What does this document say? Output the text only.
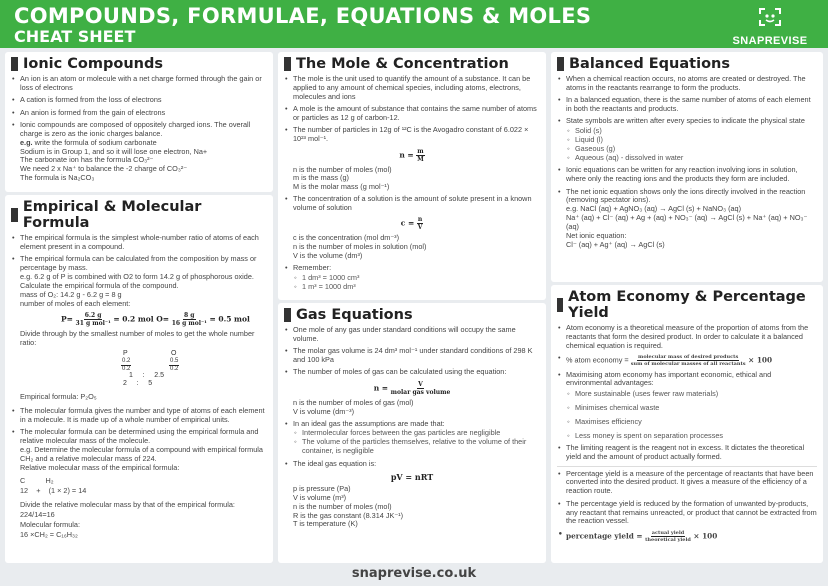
COMPOUNDS, FORMULAE, EQUATIONS & MOLES
CHEAT SHEET	SNAPREVISE
Ionic Compounds
• An ion is an atom or molecule with a net charge formed through the gain or loss of electrons
• A cation is formed from the loss of electrons
• An anion is formed from the gain of electrons
• Ionic compounds are composed of oppositely charged ions. The overall charge is zero as the ionic charges balance.
e.g. write the formula of sodium carbonate
Sodium is in Group 1, and so it will lose one electron, Na+
The carbonate ion has the formula CO₃²⁻
We need 2 x Na⁺ to balance the -2 charge of CO₃²⁻
The formula is Na₂CO₃
Empirical & Molecular Formula
• The empirical formula is the simplest whole-number ratio of atoms of each element present in a compound.
• The empirical formula can be calculated from the composition by mass or percentage by mass.
e.g. 6.2 g of P is combined with O2 to form 14.2 g of phosphorous oxide. Calculate the empirical formula of the compound.
mass of O₂: 14.2 g - 6.2 g = 8 g
number of moles of each element:
$P= \frac{6.2 g}{\text{31 g mol⁻¹}} = 0.2$ mol $O= \frac{8 g}{\text{16 g mol⁻¹}} = 0.5$ mol
Divide through by the smallest number of moles to get the whole number ratio:
P	O
$\frac{0.2}{0.2}$	$\frac{0.5}{0.2}$
1     :     2.5
2     :     5
Empirical formula: P₂O₅
• The molecular formula gives the number and type of atoms of each element in a molecule. It is made up of a whole number of empirical units.
• The molecular formula can be determined using the empirical formula and relative molecular mass of the molecule.
e.g. Determine the molecular formula of a compound with empirical formula CH₂ and a relative molecular mass of 224.
Relative molecular mass of the empirical formula:
C          H₂
12    +    (1 × 2) = 14
Divide the relative molecular mass by that of the empirical formula:
224/14=16
Molecular formula:
16 ×CH₂ = C₁₆H₃₂
The Mole & Concentration
• The mole is the unit used to quantify the amount of a substance. It can be applied to any amount of chemical species, including atoms, electrons, molecules and ions
• A mole is the amount of substance that contains the same number of atoms or particles as 12 g of carbon-12.
• The number of particles in 12g of ¹²C is the Avogadro constant of 6.022 × 10²³ mol⁻¹.
$n = \frac{m}{M}$
n is the number of moles (mol)
m is the mass (g)
M is the molar mass (g mol⁻¹)
• The concentration of a solution is the amount of solute present in a known volume of solution
$c = \frac{n}{V}$
c is the concentration (mol dm⁻³)
n is the number of moles in solution (mol)
V is the volume (dm³)
• Remember:
◦ 1 dm³ = 1000 cm³
◦ 1 m³ = 1000 dm³
Gas Equations
• One mole of any gas under standard conditions will occupy the same volume.
• The molar gas volume is 24 dm³ mol⁻¹ under standard conditions of 298 K and 100 kPa
• The number of moles of gas can be calculated using the equation:
$n = \frac{V}{\text{molar gas volume}}$
n is the number of moles of gas (mol)
V is volume (dm⁻³)
• In an ideal gas the assumptions are made that:
◦ Intermolecular forces between the gas particles are negligible
◦ The volume of the particles themselves, relative to the volume of their container, is negligible
• The ideal gas equation is:
pV = nRT
p is pressure (Pa)
V is volume (m³)
n is the number of moles (mol)
R is the gas constant (8.314 JK⁻¹)
T is temperature (K)
Balanced Equations
• When a chemical reaction occurs, no atoms are created or destroyed. The atoms in the reactants rearrange to form the products.
• In a balanced equation, there is the same number of atoms of each element in both the reactants and products.
• State symbols are written after every species to indicate the physical state
◦ Solid (s)
◦ Liquid (l)
◦ Gaseous (g)
◦ Aqueous (aq) - dissolved in water
• Ionic equations can be written for any reaction involving ions in solution, where only the reacting ions and the products they form are included.
• The net ionic equation shows only the ions directly involved in the reaction (removing spectator ions).
e.g. NaCl (aq) + AgNO₃ (aq) → AgCl (s) + NaNO₃ (aq)
Na⁺ (aq) + Cl⁻ (aq) + Ag + (aq) + NO₃⁻ (aq) → AgCl (s) + Na⁺ (aq) + NO₃⁻ (aq)
Net ionic equation:
Cl⁻ (aq) + Ag⁺ (aq) → AgCl (s)
Atom Economy & Percentage Yield
• Atom economy is a theoretical measure of the proportion of atoms from the reactants that form the desired product. In order to calculate it a balanced chemical equation is required.
• % atom economy = $\frac{\text{molecular mass of desired products}}{\text{sum of molecular masses of all reactants}} \times 100$
• Maximising atom economy has important economic, ethical and environmental advantages:
◦ More sustainable (uses fewer raw materials)
◦ Minimises chemical waste
◦ Maximises efficiency
◦ Less money is spent on separation processes
• The limiting reagent is the reagent not in excess. It dictates the theoretical yield and the amount of product actually formed.
• Percentage yield is a measure of the percentage of reactants that have been converted into the desired product. It gives a measure of the efficiency of a reaction route.
• The percentage yield is reduced by the formation of unwanted by-products, any reactant that remains unreacted, or product that cannot be extracted from the reaction vessel.
• percentage yield = $\frac{\text{actual yield}}{\text{theoretical yield}} \times 100$
snaprevise.co.uk
